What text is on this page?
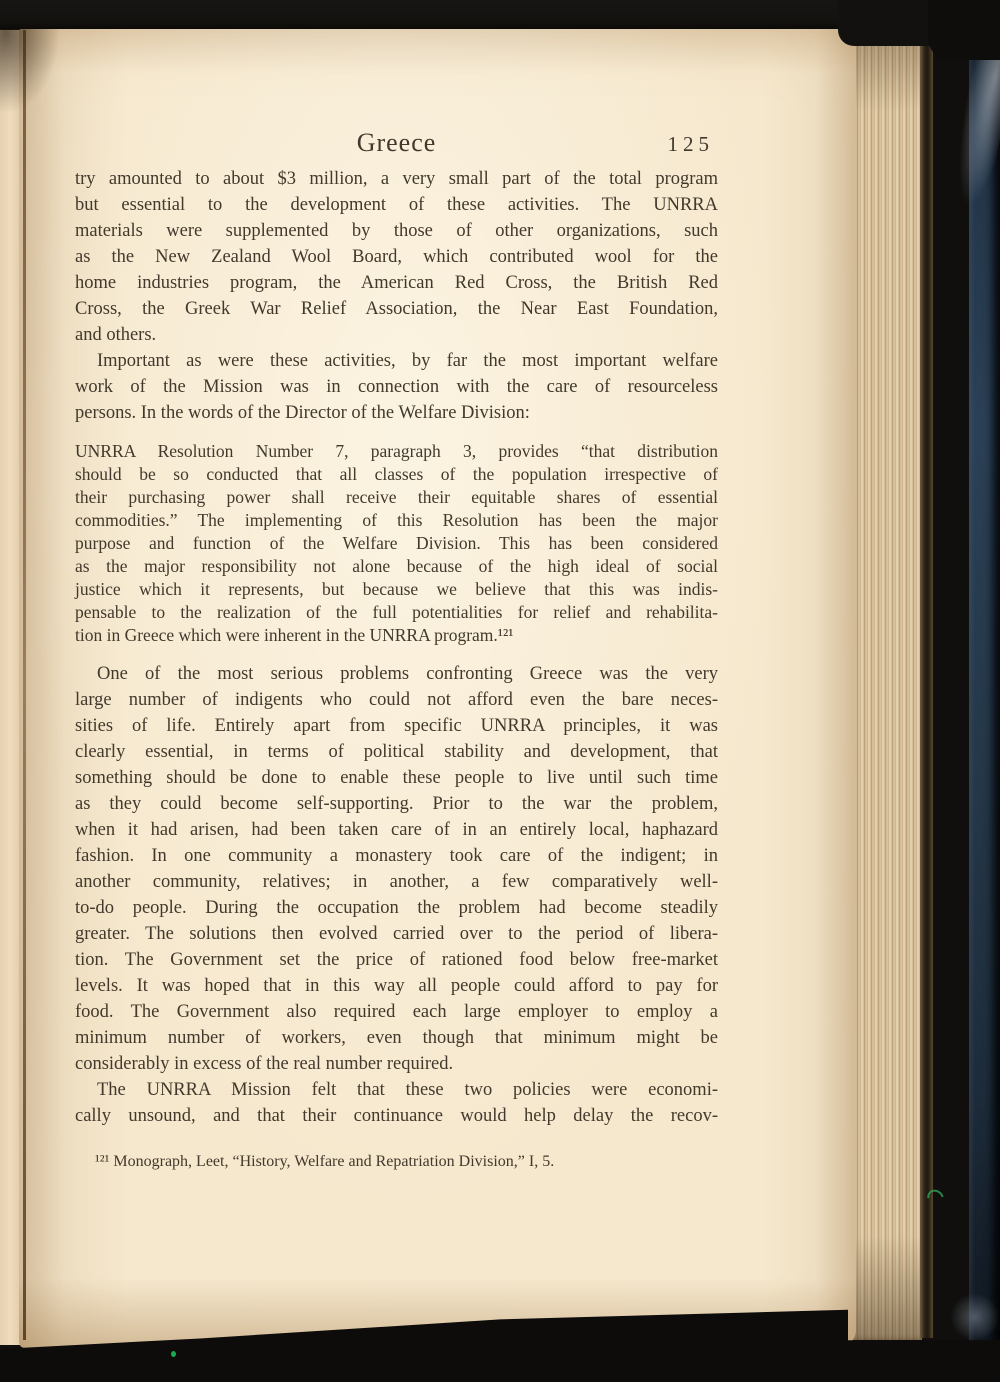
Greece	125
try amounted to about $3 million, a very small part of the total program
but essential to the development of these activities. The UNRRA
materials were supplemented by those of other organizations, such
as the New Zealand Wool Board, which contributed wool for the
home industries program, the American Red Cross, the British Red
Cross, the Greek War Relief Association, the Near East Foundation,
and others.
Important as were these activities, by far the most important welfare
work of the Mission was in connection with the care of resourceless
persons. In the words of the Director of the Welfare Division:
UNRRA Resolution Number 7, paragraph 3, provides “that distribution
should be so conducted that all classes of the population irrespective of
their purchasing power shall receive their equitable shares of essential
commodities.” The implementing of this Resolution has been the major
purpose and function of the Welfare Division. This has been considered
as the major responsibility not alone because of the high ideal of social
justice which it represents, but because we believe that this was indis-
pensable to the realization of the full potentialities for relief and rehabilita-
tion in Greece which were inherent in the UNRRA program.¹²¹
One of the most serious problems confronting Greece was the very
large number of indigents who could not afford even the bare neces-
sities of life. Entirely apart from specific UNRRA principles, it was
clearly essential, in terms of political stability and development, that
something should be done to enable these people to live until such time
as they could become self-supporting. Prior to the war the problem,
when it had arisen, had been taken care of in an entirely local, haphazard
fashion. In one community a monastery took care of the indigent; in
another community, relatives; in another, a few comparatively well-
to-do people. During the occupation the problem had become steadily
greater. The solutions then evolved carried over to the period of libera-
tion. The Government set the price of rationed food below free-market
levels. It was hoped that in this way all people could afford to pay for
food. The Government also required each large employer to employ a
minimum number of workers, even though that minimum might be
considerably in excess of the real number required.
The UNRRA Mission felt that these two policies were economi-
cally unsound, and that their continuance would help delay the recov-
¹²¹ Monograph, Leet, “History, Welfare and Repatriation Division,” I, 5.
